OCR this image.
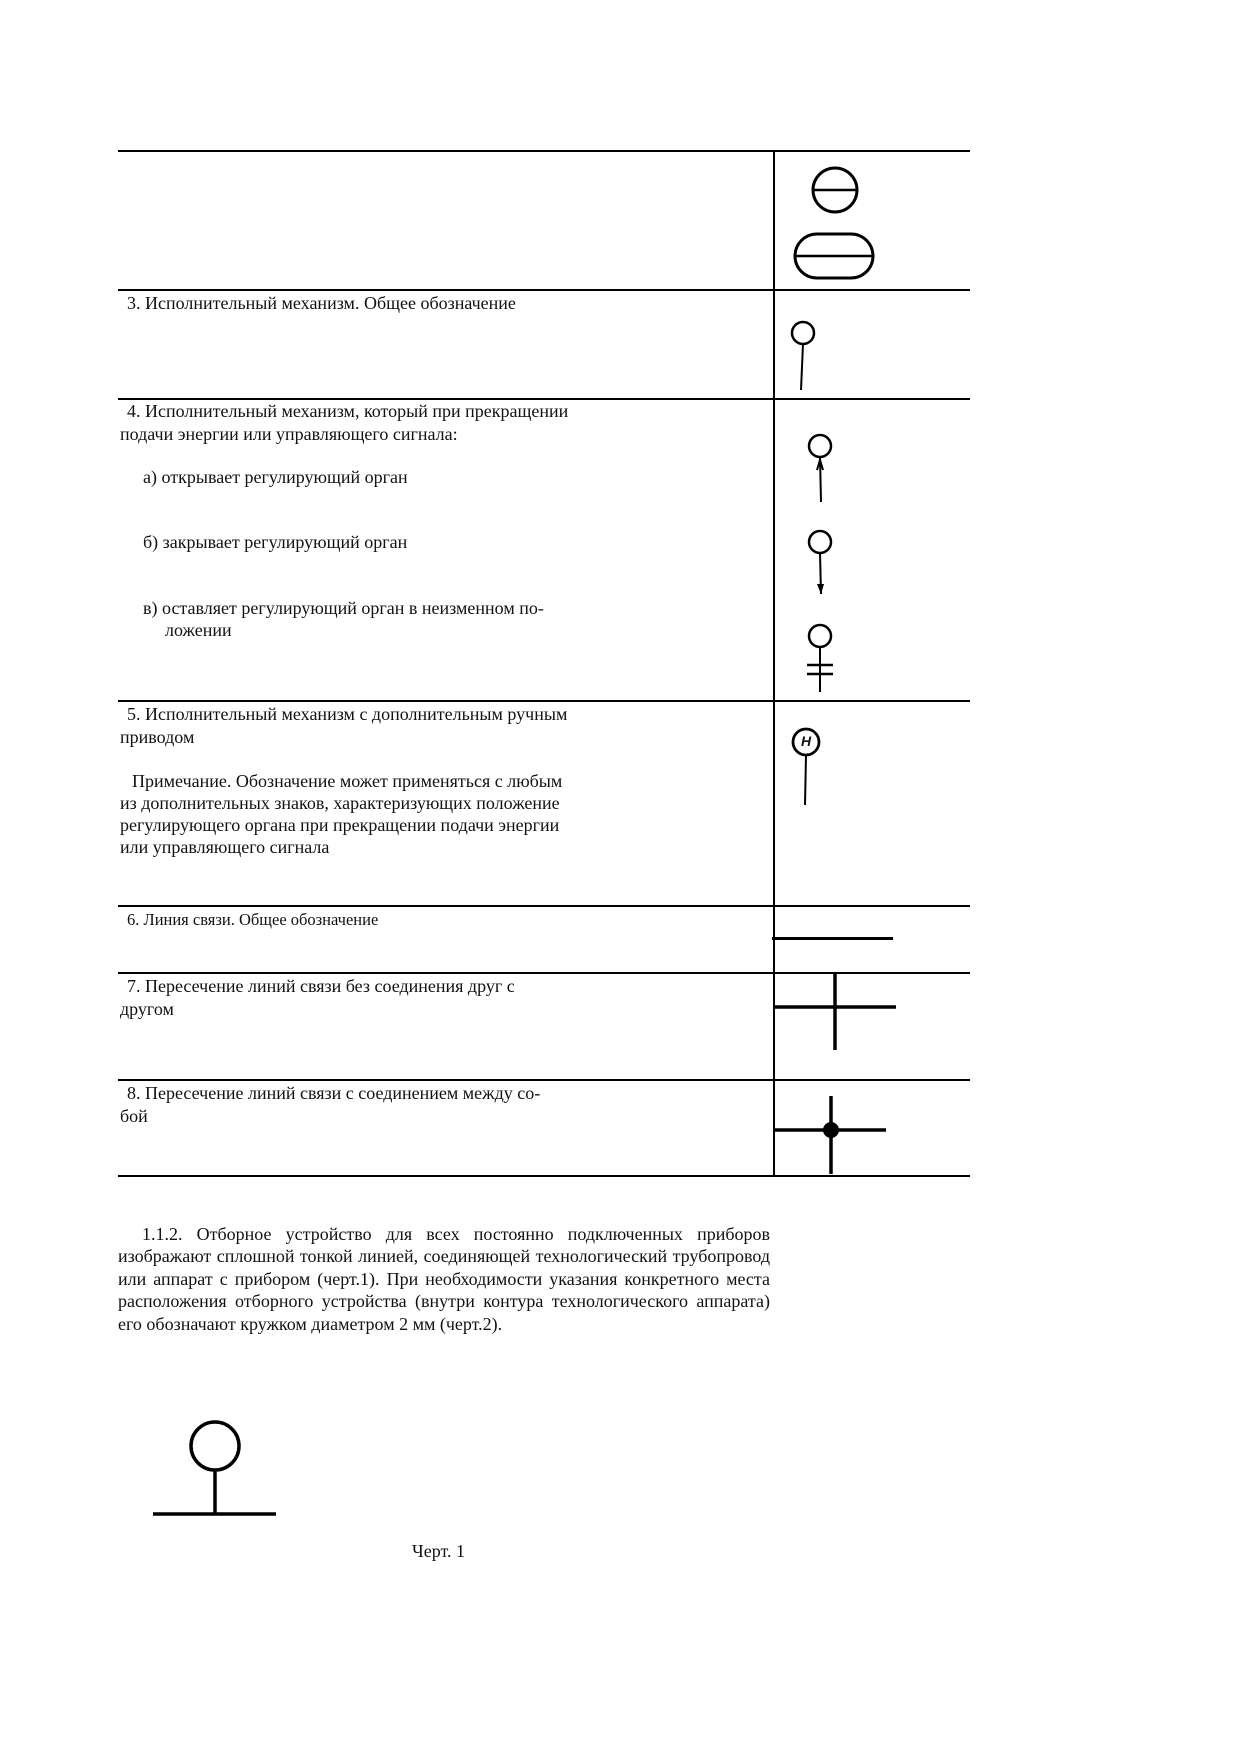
3. Исполнительный механизм. Общее обозначение
4. Исполнительный механизм, который при прекращении
подачи энергии или управляющего сигнала:
а) открывает регулирующий орган
б) закрывает регулирующий орган
в) оставляет регулирующий орган в неизменном по-
ложении
5. Исполнительный механизм с дополнительным ручным
приводом
Примечание. Обозначение может применяться с любым
из дополнительных знаков, характеризующих положение
регулирующего органа при прекращении подачи энергии
или управляющего сигнала
Н
6. Линия связи. Общее обозначение
7. Пересечение линий связи без соединения друг с
другом
8. Пересечение линий связи с соединением между со-
бой
1.1.2. Отборное устройство для всех постоянно подключенных приборов изображают сплошной тонкой линией, соединяющей технологический трубопровод или аппарат с прибором (черт.1). При необходимости указания конкретного места расположения отборного устройства (внутри контура технологического аппарата) его обозначают кружком диаметром 2 мм (черт.2).
Черт. 1
